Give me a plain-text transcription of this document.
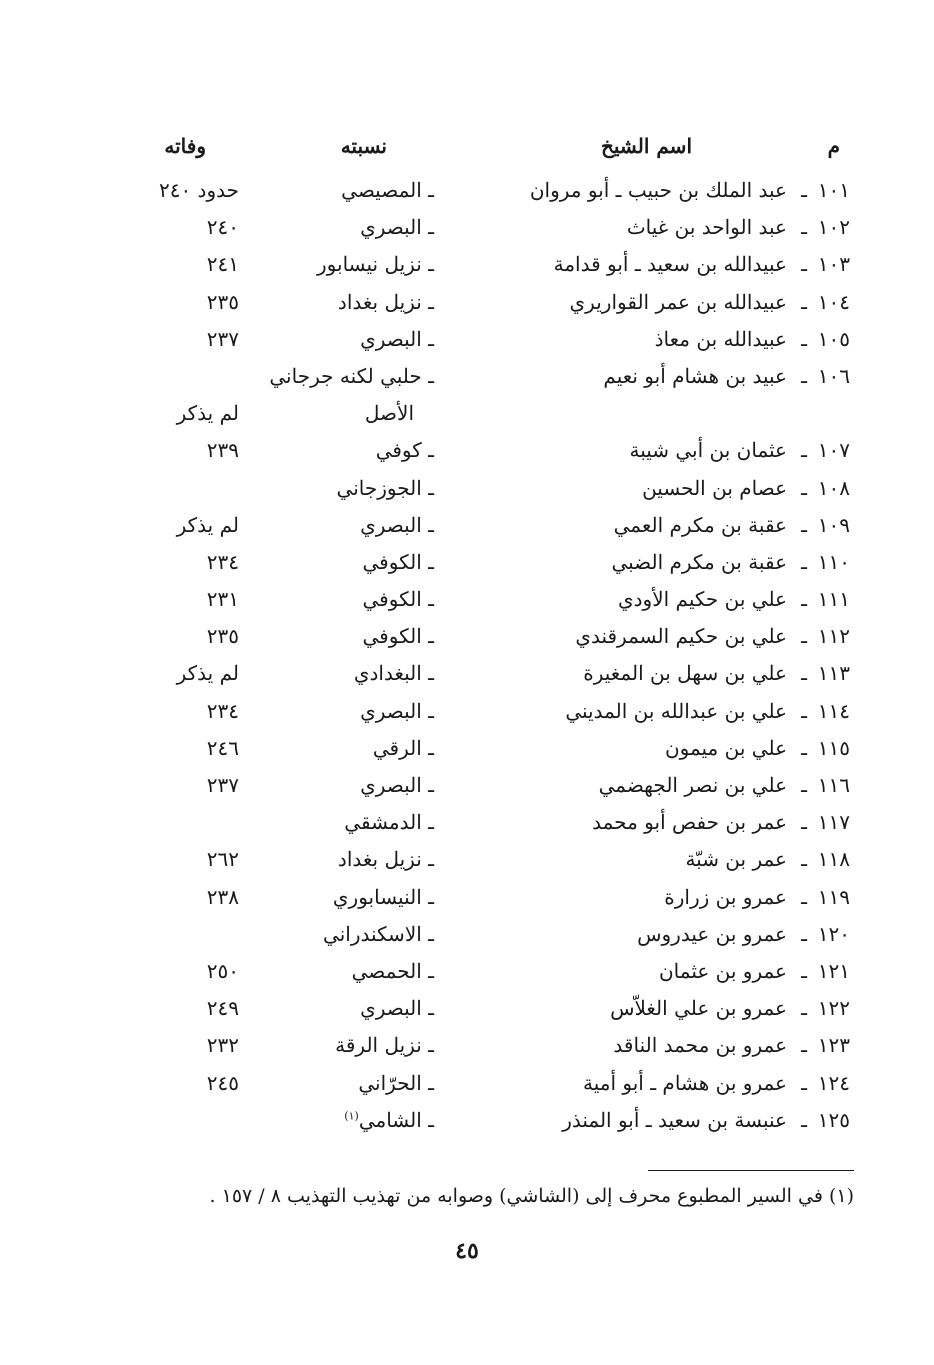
م
اسم الشيخ
نسبته
وفاته
١٠١
ـ
عبد الملك بن حبيب ـ أبو مروان
ـ المصيصي
حدود ٢٤٠
١٠٢
ـ
عبد الواحد بن غياث
ـ البصري
٢٤٠
١٠٣
ـ
عبيدالله بن سعيد ـ أبو قدامة
ـ نزيل نيسابور
٢٤١
١٠٤
ـ
عبيدالله بن عمر القواريري
ـ نزيل بغداد
٢٣٥
١٠٥
ـ
عبيدالله بن معاذ
ـ البصري
٢٣٧
١٠٦
ـ
عبيد بن هشام أبو نعيم
ـ حلبي لكنه جرجاني
الأصل
لم يذكر
١٠٧
ـ
عثمان بن أبي شيبة
ـ كوفي
٢٣٩
١٠٨
ـ
عصام بن الحسين
ـ الجوزجاني
١٠٩
ـ
عقبة بن مكرم العمي
ـ البصري
لم يذكر
١١٠
ـ
عقبة بن مكرم الضبي
ـ الكوفي
٢٣٤
١١١
ـ
علي بن حكيم الأودي
ـ الكوفي
٢٣١
١١٢
ـ
علي بن حكيم السمرقندي
ـ الكوفي
٢٣٥
١١٣
ـ
علي بن سهل بن المغيرة
ـ البغدادي
لم يذكر
١١٤
ـ
علي بن عبدالله بن المديني
ـ البصري
٢٣٤
١١٥
ـ
علي بن ميمون
ـ الرقي
٢٤٦
١١٦
ـ
علي بن نصر الجهضمي
ـ البصري
٢٣٧
١١٧
ـ
عمر بن حفص أبو محمد
ـ الدمشقي
١١٨
ـ
عمر بن شبّة
ـ نزيل بغداد
٢٦٢
١١٩
ـ
عمرو بن زرارة
ـ النيسابوري
٢٣٨
١٢٠
ـ
عمرو بن عيدروس
ـ الاسكندراني
١٢١
ـ
عمرو بن عثمان
ـ الحمصي
٢٥٠
١٢٢
ـ
عمرو بن علي الغلاّس
ـ البصري
٢٤٩
١٢٣
ـ
عمرو بن محمد الناقد
ـ نزيل الرقة
٢٣٢
١٢٤
ـ
عمرو بن هشام ـ أبو أمية
ـ الحرّاني
٢٤٥
١٢٥
ـ
عنبسة بن سعيد ـ أبو المنذر
ـ الشامي$^{(١)}$
(١) في السير المطبوع محرف إلى (الشاشي) وصوابه من تهذيب التهذيب ٨ / ١٥٧ .
٤٥
